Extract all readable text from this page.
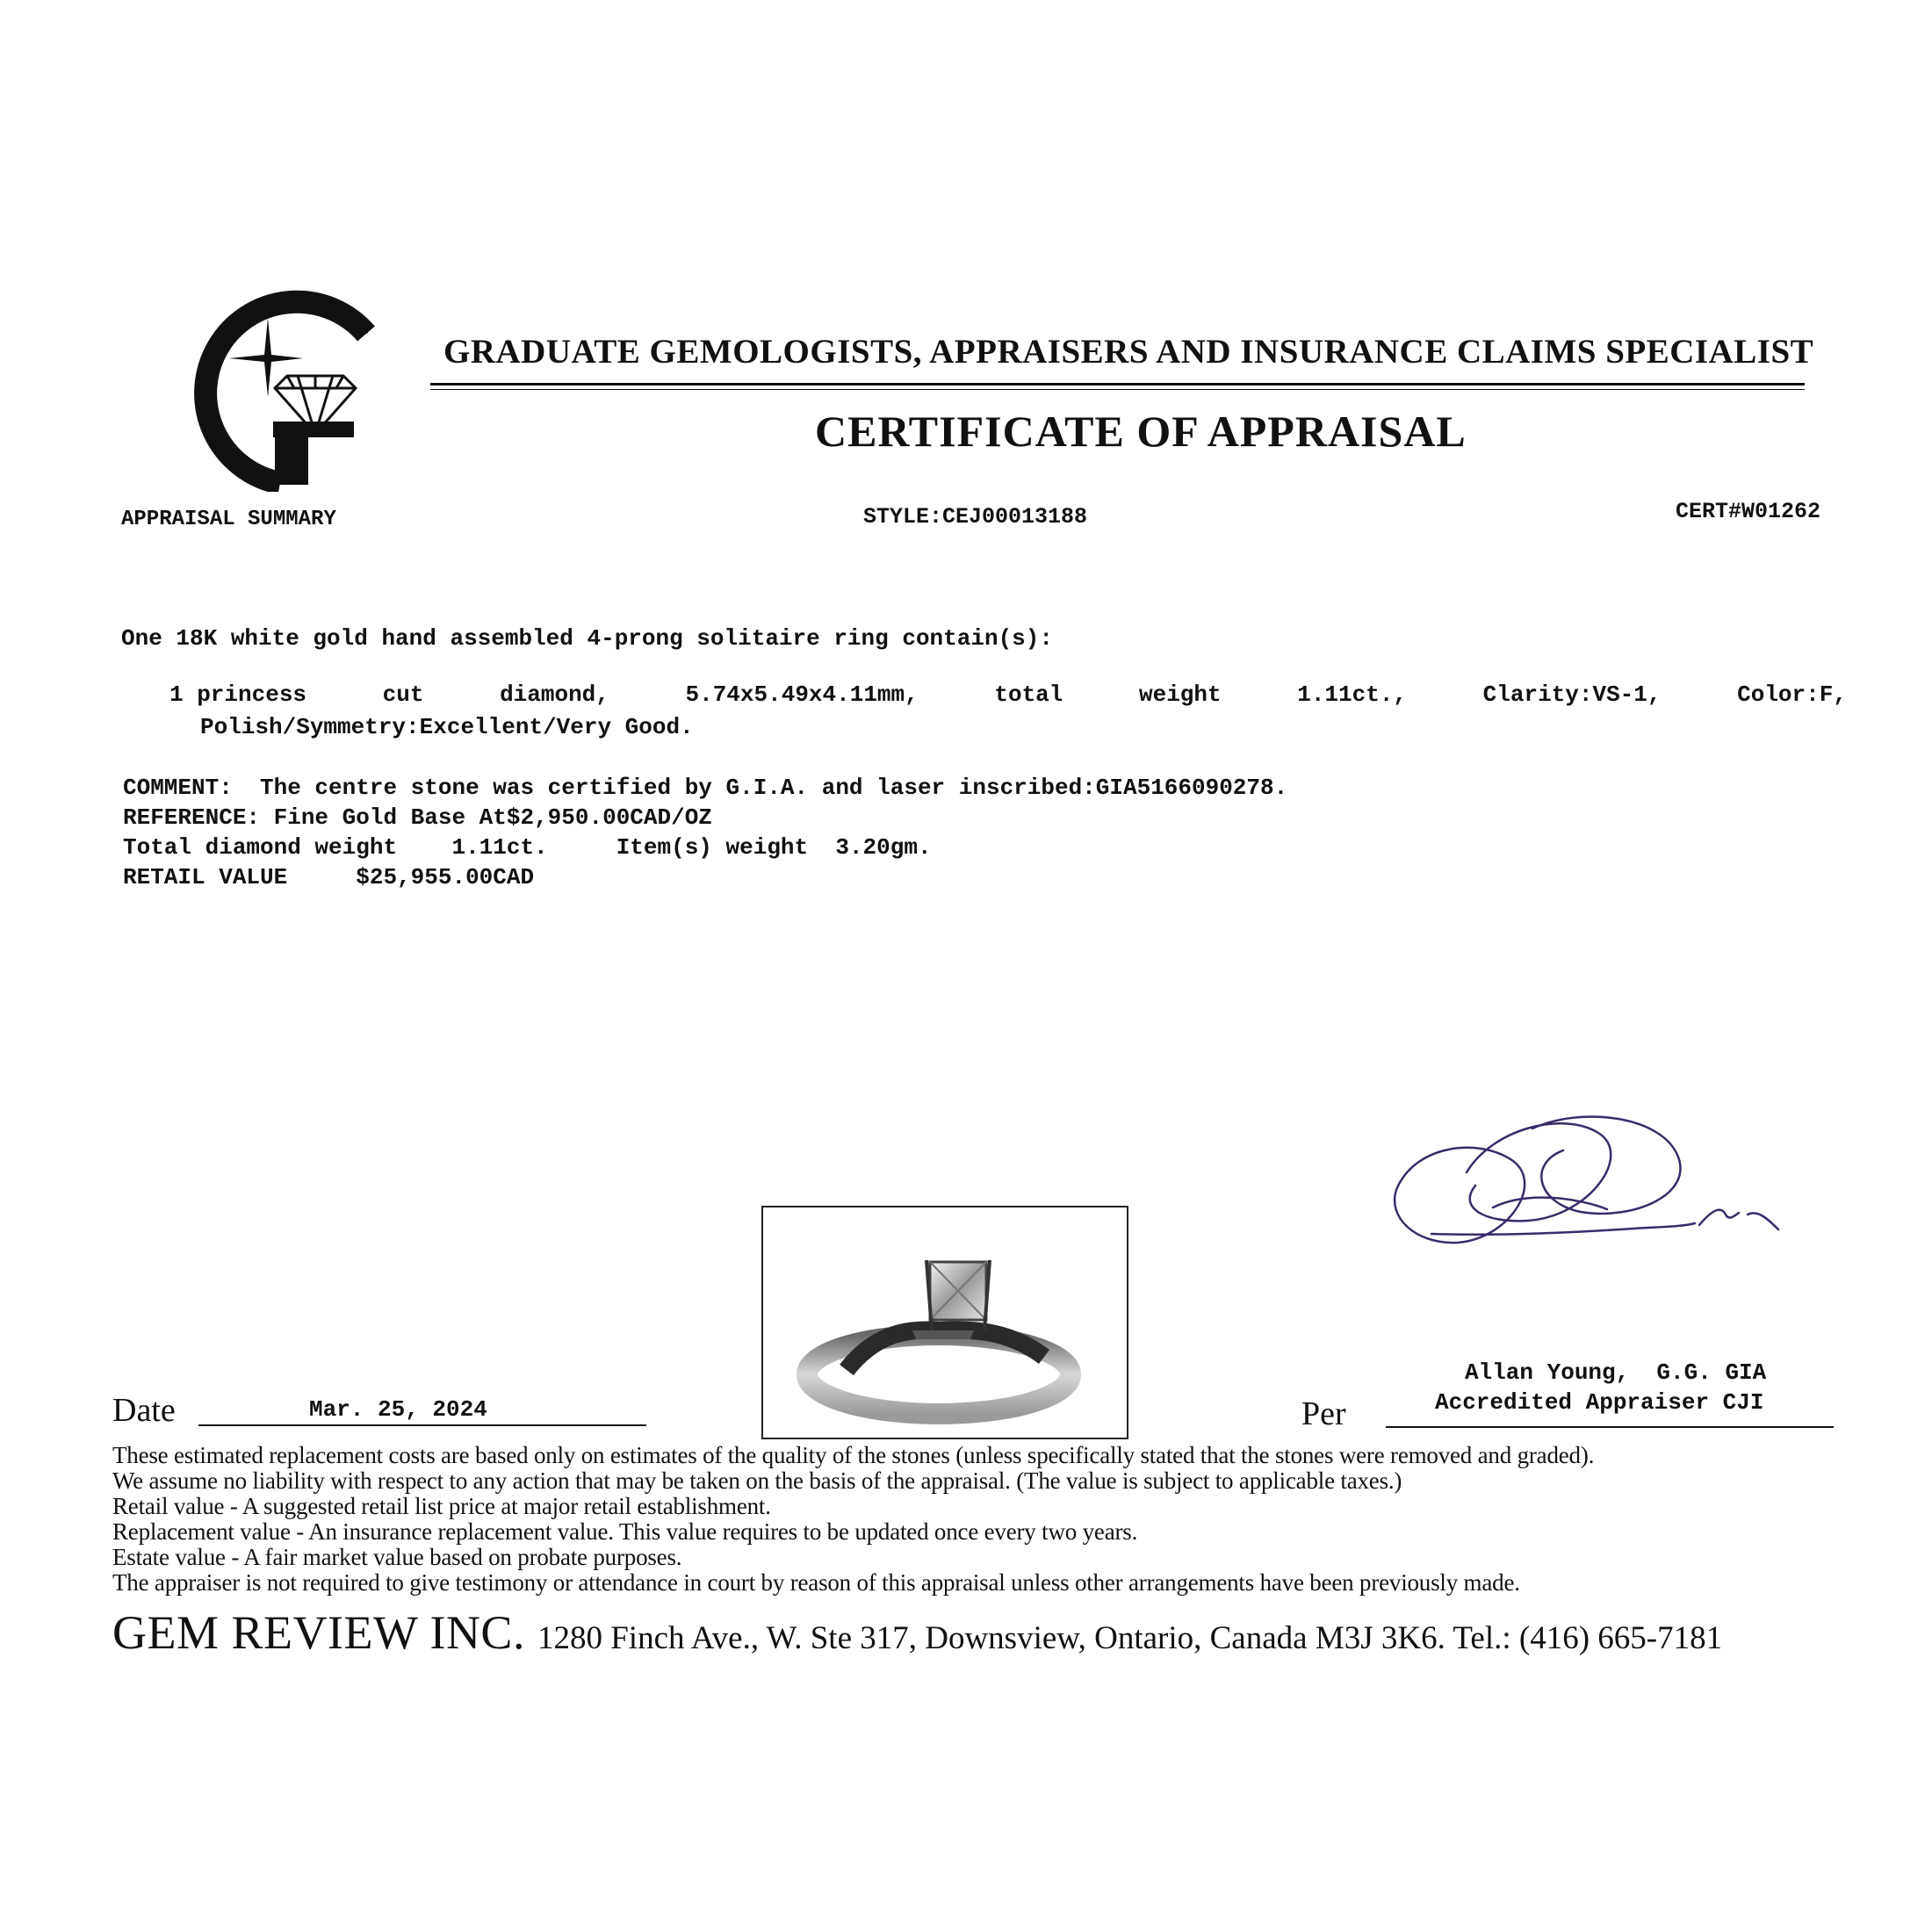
GRADUATE GEMOLOGISTS, APPRAISERS AND INSURANCE CLAIMS SPECIALIST
CERTIFICATE OF APPRAISAL
APPRAISAL SUMMARY	STYLE:CEJ00013188	CERT#W01262
One 18K white gold hand assembled 4-prong solitaire ring contain(s):
1 princess	cut	diamond,	5.74x5.49x4.11mm,	total	weight	1.11ct.,	Clarity:VS-1,	Color:F,
Polish/Symmetry:Excellent/Very Good.
COMMENT:  The centre stone was certified by G.I.A. and laser inscribed:GIA5166090278.
REFERENCE: Fine Gold Base At$2,950.00CAD/OZ
Total diamond weight    1.11ct.     Item(s) weight  3.20gm.
RETAIL VALUE     $25,955.00CAD
Allan Young,  G.G. GIA
Accredited Appraiser CJI
Per
Date	Mar. 25, 2024
These estimated replacement costs are based only on estimates of the quality of the stones (unless specifically stated that the stones were removed and graded).
We assume no liability with respect to any action that may be taken on the basis of the appraisal. (The value is subject to applicable taxes.)
Retail value - A suggested retail list price at major retail establishment.
Replacement value - An insurance replacement value. This value requires to be updated once every two years.
Estate value - A fair market value based on probate purposes.
The appraiser is not required to give testimony or attendance in court by reason of this appraisal unless other arrangements have been previously made.
GEM REVIEW INC. 1280 Finch Ave., W. Ste 317, Downsview, Ontario, Canada M3J 3K6. Tel.: (416) 665-7181
